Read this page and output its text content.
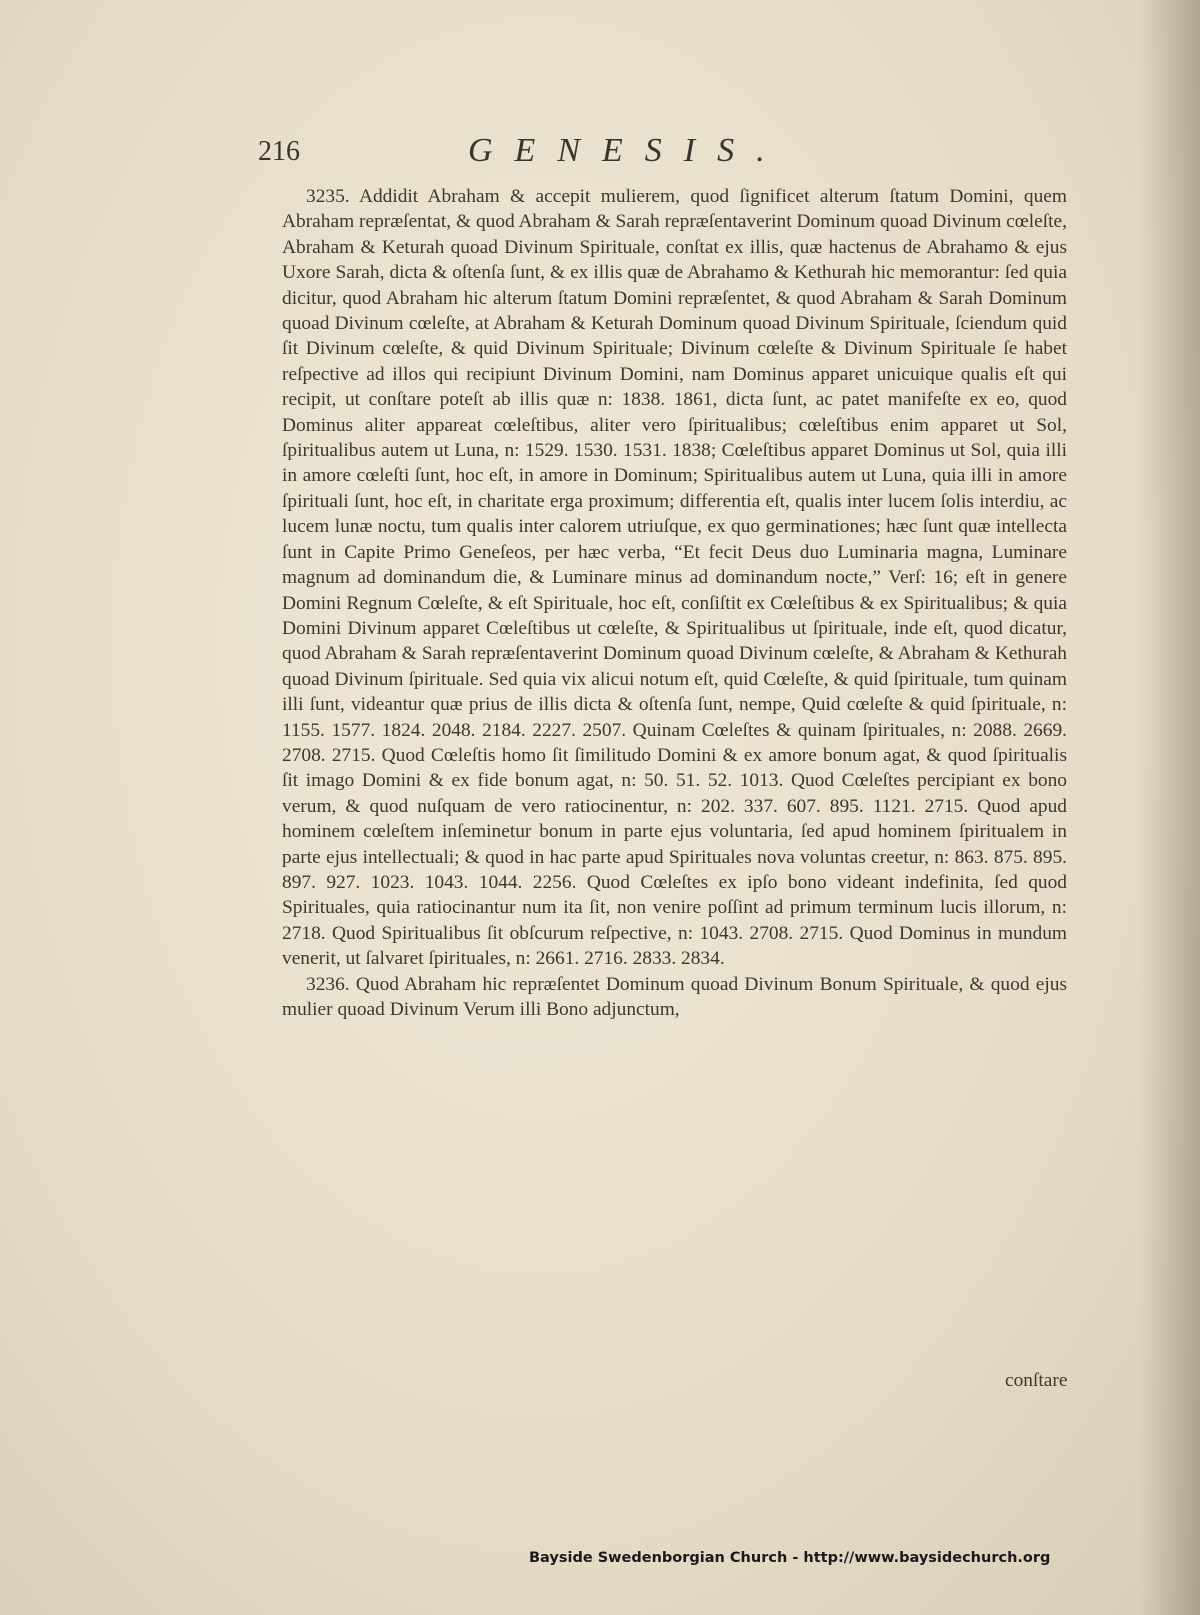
216	GENESIS.

3235. Addidit Abraham & accepit mulierem, quod ſignificet alterum ſtatum Domini, quem Abraham repræſentat, & quod Abraham & Sarah repræſentaverint Dominum quoad Divinum cœleſte, Abraham & Keturah quoad Divinum Spirituale, conſtat ex illis, quæ hactenus de Abrahamo & ejus Uxore Sarah, dicta & oſtenſa ſunt, & ex illis quæ de Abrahamo & Kethurah hic memorantur: ſed quia dicitur, quod Abraham hic alterum ſtatum Domini repræſentet, & quod Abraham & Sarah Dominum quoad Divinum cœleſte, at Abraham & Keturah Dominum quoad Divinum Spirituale, ſciendum quid ſit Divinum cœleſte, & quid Divinum Spirituale; Divinum cœleſte & Divinum Spirituale ſe habet reſpective ad illos qui recipiunt Divinum Domini, nam Dominus apparet unicuique qualis eſt qui recipit, ut conſtare poteſt ab illis quæ n: 1838. 1861, dicta ſunt, ac patet manifeſte ex eo, quod Dominus aliter appareat cœleſtibus, aliter vero ſpiritualibus; cœleſtibus enim apparet ut Sol, ſpiritualibus autem ut Luna, n: 1529. 1530. 1531. 1838; Cœleſtibus apparet Dominus ut Sol, quia illi in amore cœleſti ſunt, hoc eſt, in amore in Dominum; Spiritualibus autem ut Luna, quia illi in amore ſpirituali ſunt, hoc eſt, in charitate erga proximum; differentia eſt, qualis inter lucem ſolis interdiu, ac lucem lunæ noctu, tum qualis inter calorem utriuſque, ex quo germinationes; hæc ſunt quæ intellecta ſunt in Capite Primo Geneſeos, per hæc verba, “Et fecit Deus duo Luminaria magna, Luminare magnum ad dominandum die, & Luminare minus ad dominandum nocte,” Verſ: 16; eſt in genere Domini Regnum Cœleſte, & eſt Spirituale, hoc eſt, conſiſtit ex Cœleſtibus & ex Spiritualibus; & quia Domini Divinum apparet Cœleſtibus ut cœleſte, & Spiritualibus ut ſpirituale, inde eſt, quod dicatur, quod Abraham & Sarah repræſentaverint Dominum quoad Divinum cœleſte, & Abraham & Kethurah quoad Divinum ſpirituale. Sed quia vix alicui notum eſt, quid Cœleſte, & quid ſpirituale, tum quinam illi ſunt, videantur quæ prius de illis dicta & oſtenſa ſunt, nempe, Quid cœleſte & quid ſpirituale, n: 1155. 1577. 1824. 2048. 2184. 2227. 2507. Quinam Cœleſtes & quinam ſpirituales, n: 2088. 2669. 2708. 2715. Quod Cœleſtis homo ſit ſimilitudo Domini & ex amore bonum agat, & quod ſpiritualis ſit imago Domini & ex fide bonum agat, n: 50. 51. 52. 1013. Quod Cœleſtes percipiant ex bono verum, & quod nuſquam de vero ratiocinentur, n: 202. 337. 607. 895. 1121. 2715. Quod apud hominem cœleſtem inſeminetur bonum in parte ejus voluntaria, ſed apud hominem ſpiritualem in parte ejus intellectuali; & quod in hac parte apud Spirituales nova voluntas creetur, n: 863. 875. 895. 897. 927. 1023. 1043. 1044. 2256. Quod Cœleſtes ex ipſo bono videant indefinita, ſed quod Spirituales, quia ratiocinantur num ita ſit, non venire poſſint ad primum terminum lucis illorum, n: 2718. Quod Spiritualibus ſit obſcurum reſpective, n: 1043. 2708. 2715. Quod Dominus in mundum venerit, ut ſalvaret ſpirituales, n: 2661. 2716. 2833. 2834.

3236. Quod Abraham hic repræſentet Dominum quoad Divinum Bonum Spirituale, & quod ejus mulier quoad Divinum Verum illi Bono adjunctum,

conſtare
Bayside Swedenborgian Church - http://www.baysidechurch.org
